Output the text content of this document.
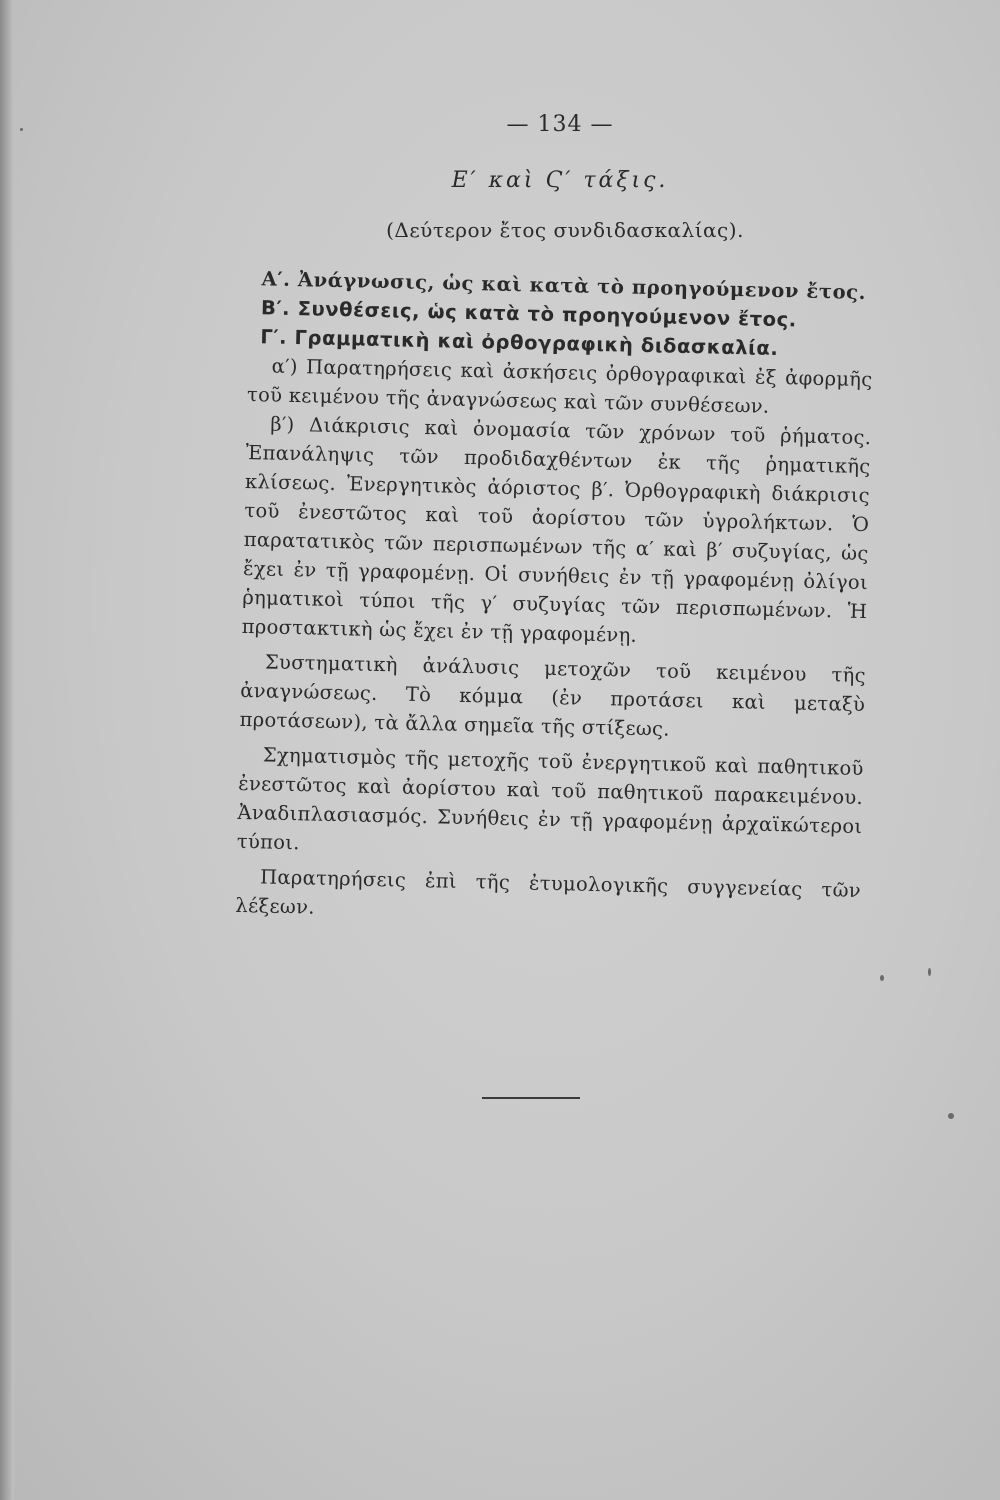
— 134 —
Ε′ καὶ Ϛ′ τάξις.
(Δεύτερον ἔτος συνδιδασκαλίας).

Α′. Ἀνάγνωσις, ὡς καὶ κατὰ τὸ προηγούμενον ἔτος.

Β′. Συνθέσεις, ὡς κατὰ τὸ προηγούμενον ἔτος.

Γ′. Γραμματικὴ καὶ ὀρθογραφικὴ διδασκαλία.

α′) Παρατηρήσεις καὶ ἀσκήσεις ὀρθογραφικαὶ ἐξ ἀφορμῆς τοῦ κειμένου τῆς ἀναγνώσεως καὶ τῶν συνθέσεων.

β′) Διάκρισις καὶ ὀνομασία τῶν χρόνων τοῦ ῥήματος. Ἐπανάληψις τῶν προδιδαχθέντων ἐκ τῆς ῥηματικῆς κλίσεως. Ἐνεργητικὸς ἀόριστος β′. Ὀρθογραφικὴ διάκρισις τοῦ ἐνεστῶτος καὶ τοῦ ἀορίστου τῶν ὑγρολήκτων. Ὁ παρατατικὸς τῶν περισπωμένων τῆς α′ καὶ β′ συζυγίας, ὡς ἔχει ἐν τῇ γραφομένῃ. Οἱ συνήθεις ἐν τῇ γραφομένῃ ὀλίγοι ῥηματικοὶ τύποι τῆς γ′ συζυγίας τῶν περισπωμένων. Ἡ προστακτικὴ ὡς ἔχει ἐν τῇ γραφομένῃ.

Συστηματικὴ ἀνάλυσις μετοχῶν τοῦ κειμένου τῆς ἀναγνώσεως. Τὸ κόμμα (ἐν προτάσει καὶ μεταξὺ προτάσεων), τὰ ἄλλα σημεῖα τῆς στίξεως.

Σχηματισμὸς τῆς μετοχῆς τοῦ ἐνεργητικοῦ καὶ παθητικοῦ ἐνεστῶτος καὶ ἀορίστου καὶ τοῦ παθητικοῦ παρακειμένου. Ἀναδιπλασιασμός. Συνήθεις ἐν τῇ γραφομένῃ ἀρχαϊκώτεροι τύποι.

Παρατηρήσεις ἐπὶ τῆς ἐτυμολογικῆς συγγενείας τῶν λέξεων.
